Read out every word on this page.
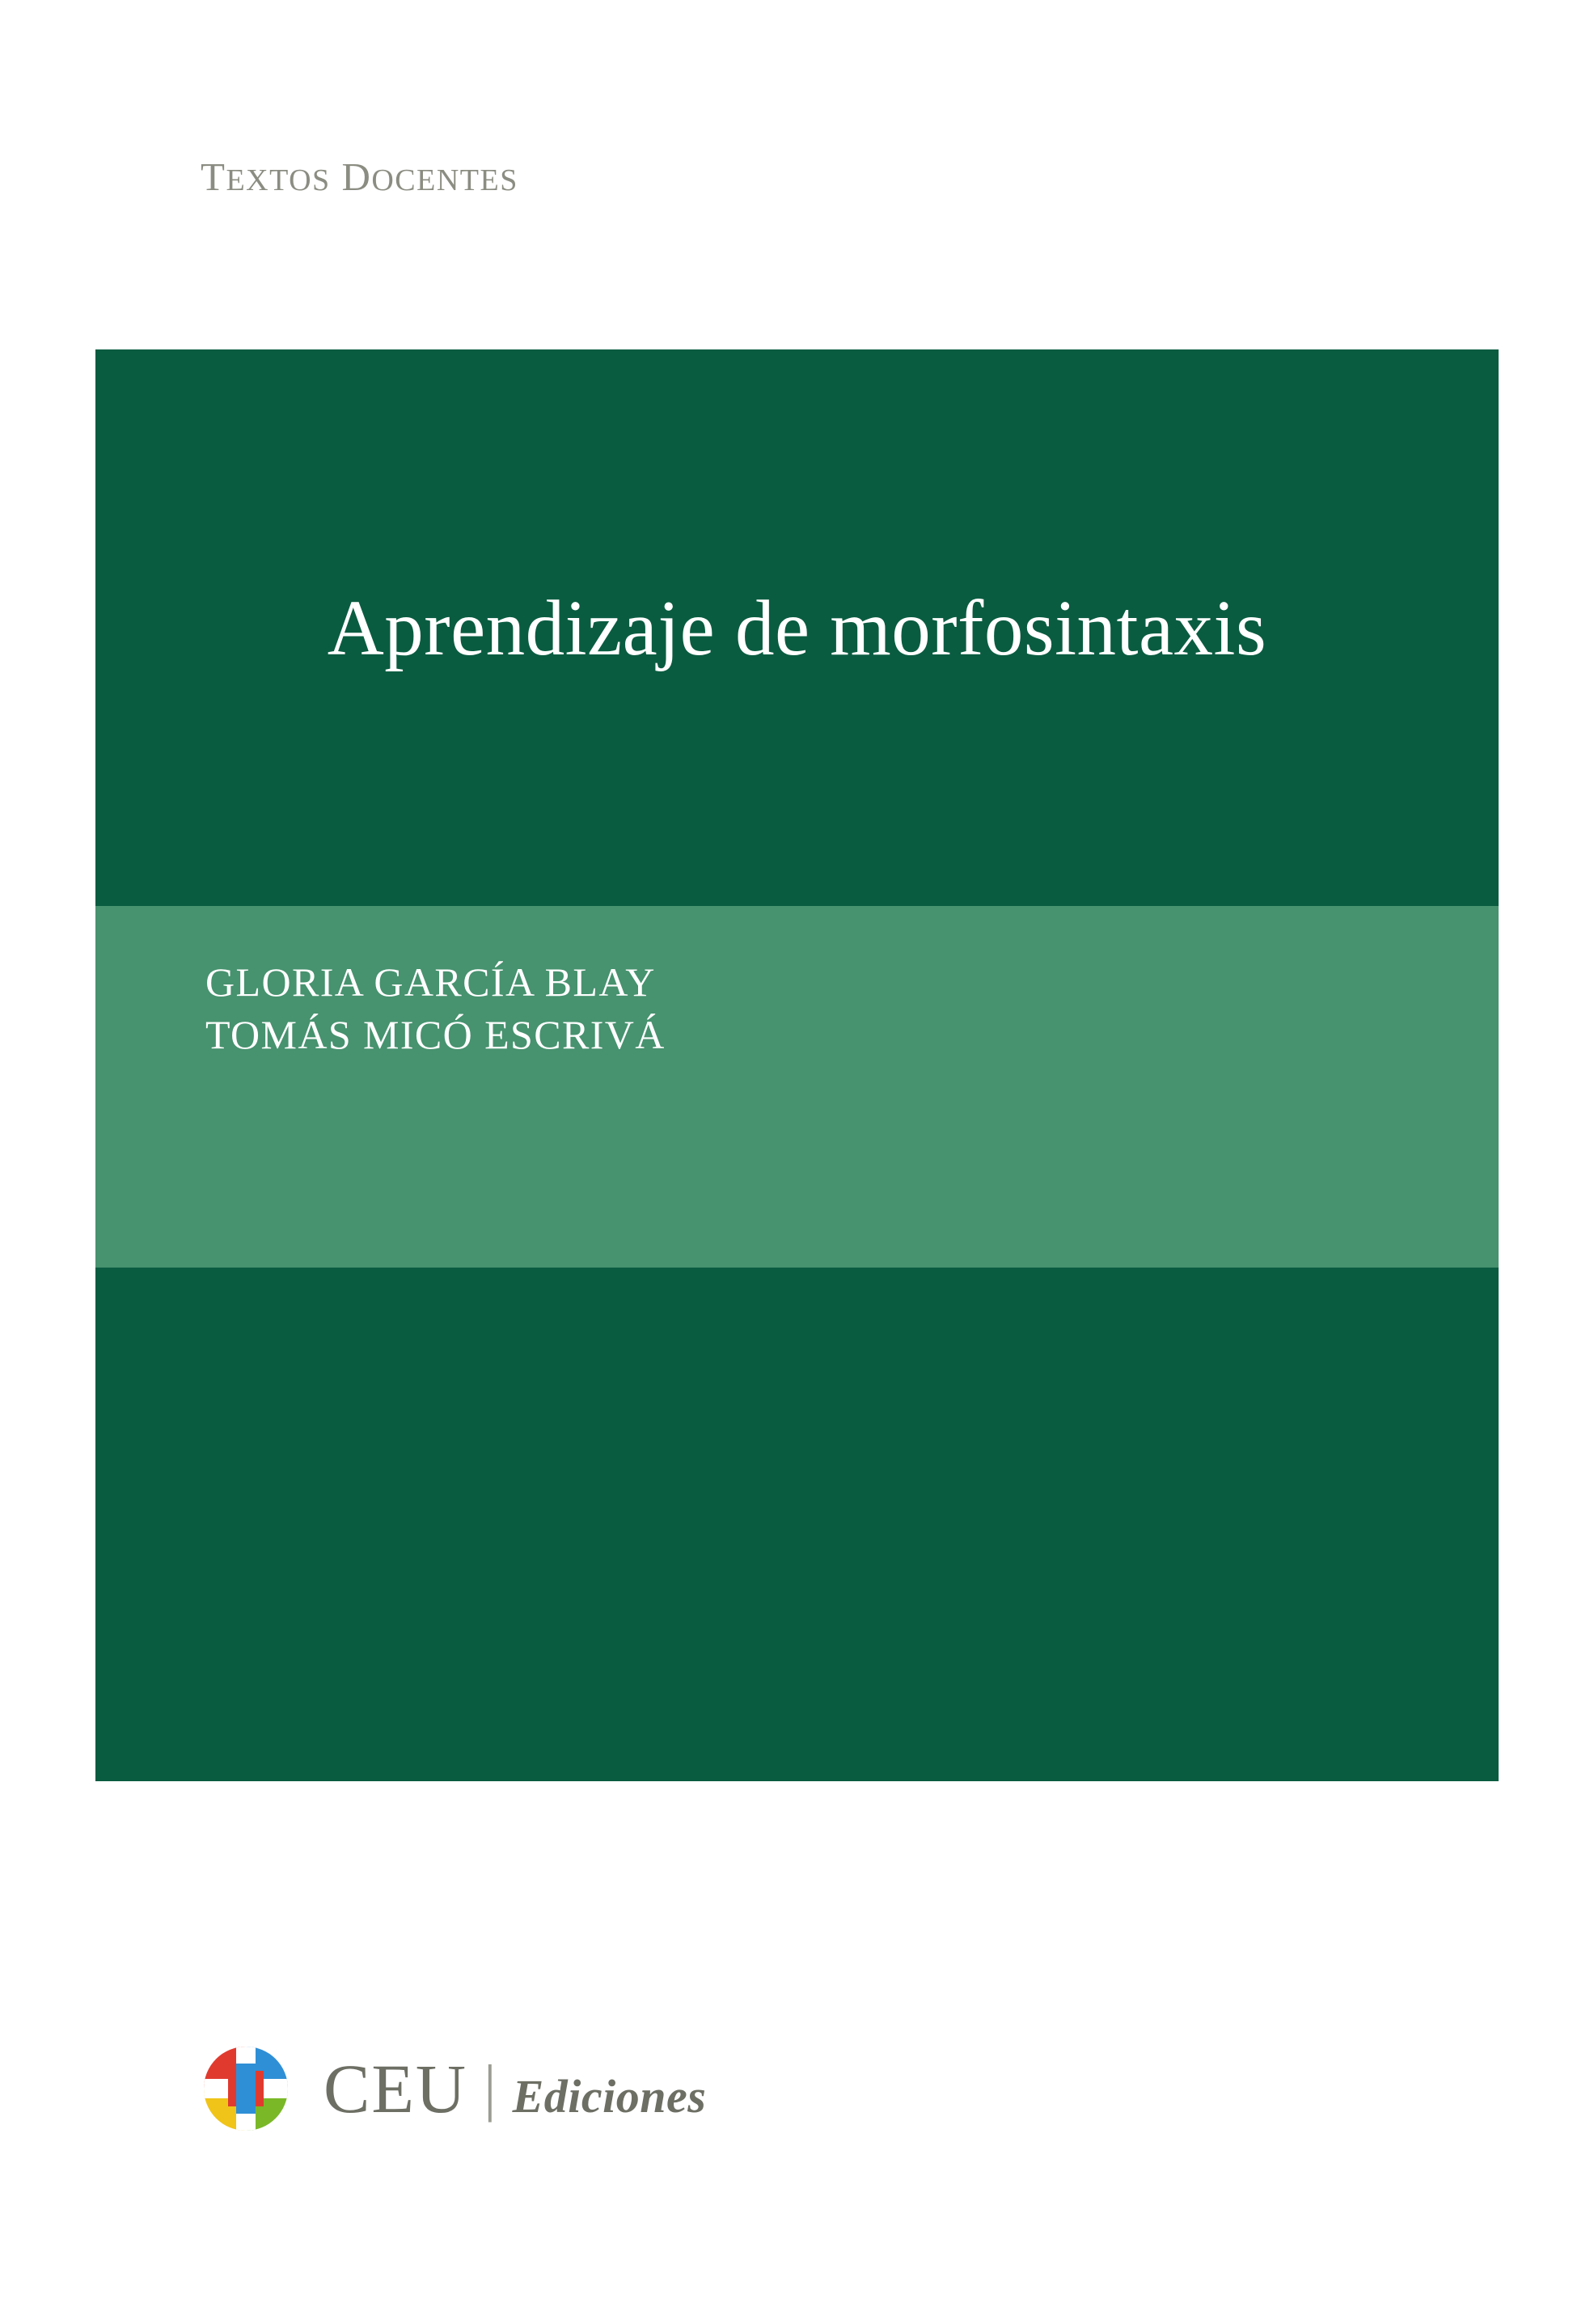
TEXTOS DOCENTES
Aprendizaje de morfosintaxis
GLORIA GARCÍA BLAY
TOMÁS MICÓ ESCRIVÁ
CEU | Ediciones
